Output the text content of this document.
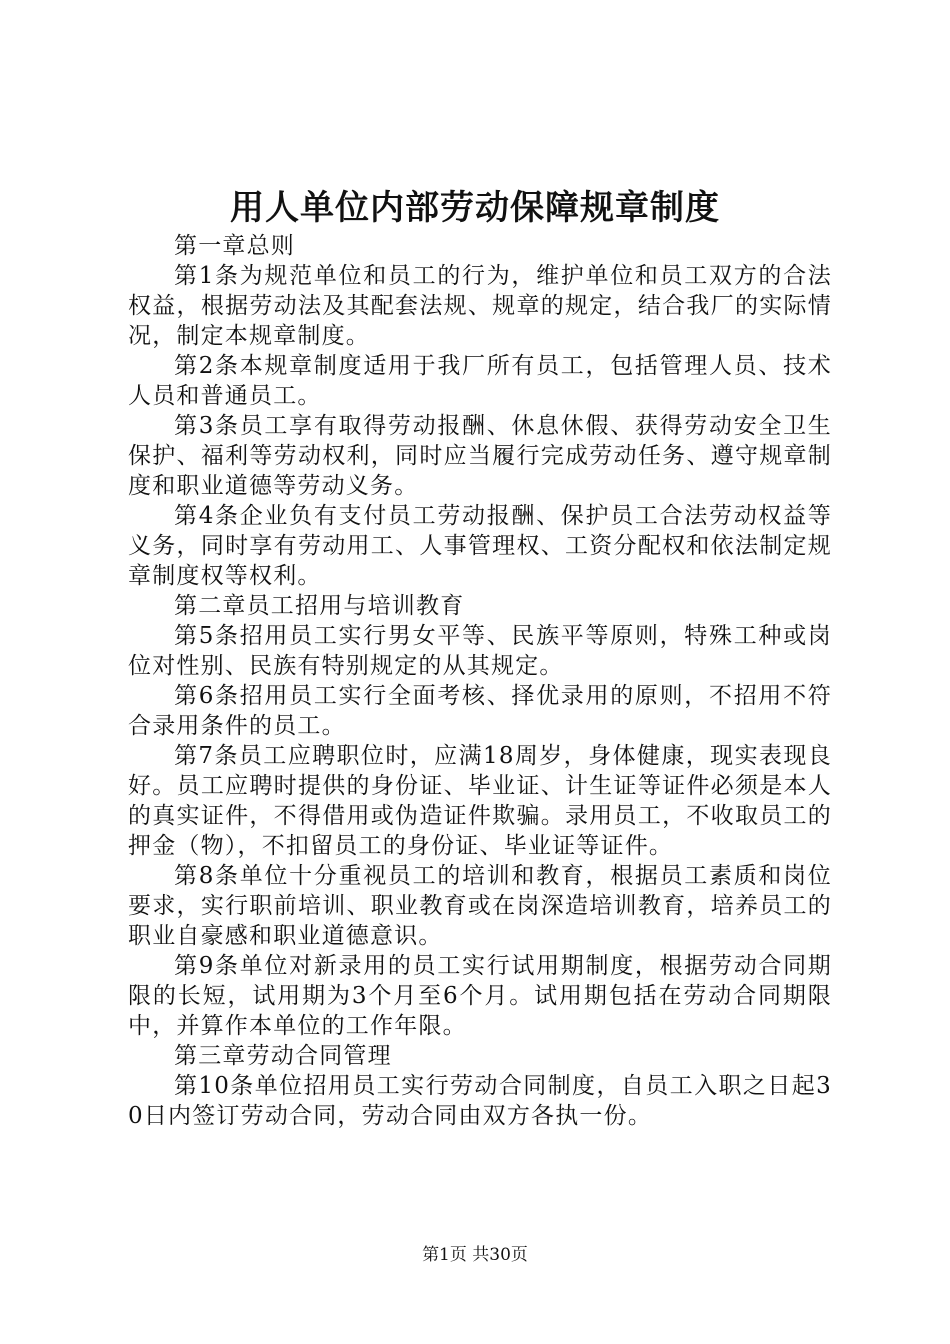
用人单位内部劳动保障规章制度

第一章总则

第1条为规范单位和员工的行为，维护单位和员工双方的合法权益，根据劳动法及其配套法规、规章的规定，结合我厂的实际情况，制定本规章制度。

第2条本规章制度适用于我厂所有员工，包括管理人员、技术人员和普通员工。

第3条员工享有取得劳动报酬、休息休假、获得劳动安全卫生保护、福利等劳动权利，同时应当履行完成劳动任务、遵守规章制度和职业道德等劳动义务。

第4条企业负有支付员工劳动报酬、保护员工合法劳动权益等义务，同时享有劳动用工、人事管理权、工资分配权和依法制定规章制度权等权利。

第二章员工招用与培训教育

第5条招用员工实行男女平等、民族平等原则，特殊工种或岗位对性别、民族有特别规定的从其规定。

第6条招用员工实行全面考核、择优录用的原则，不招用不符合录用条件的员工。

第7条员工应聘职位时，应满18周岁，身体健康，现实表现良好。员工应聘时提供的身份证、毕业证、计生证等证件必须是本人的真实证件，不得借用或伪造证件欺骗。录用员工，不收取员工的押金（物），不扣留员工的身份证、毕业证等证件。

第8条单位十分重视员工的培训和教育，根据员工素质和岗位要求，实行职前培训、职业教育或在岗深造培训教育，培养员工的职业自豪感和职业道德意识。

第9条单位对新录用的员工实行试用期制度，根据劳动合同期限的长短，试用期为3个月至6个月。试用期包括在劳动合同期限中，并算作本单位的工作年限。

第三章劳动合同管理

第10条单位招用员工实行劳动合同制度，自员工入职之日起30日内签订劳动合同，劳动合同由双方各执一份。

第1页 共30页
